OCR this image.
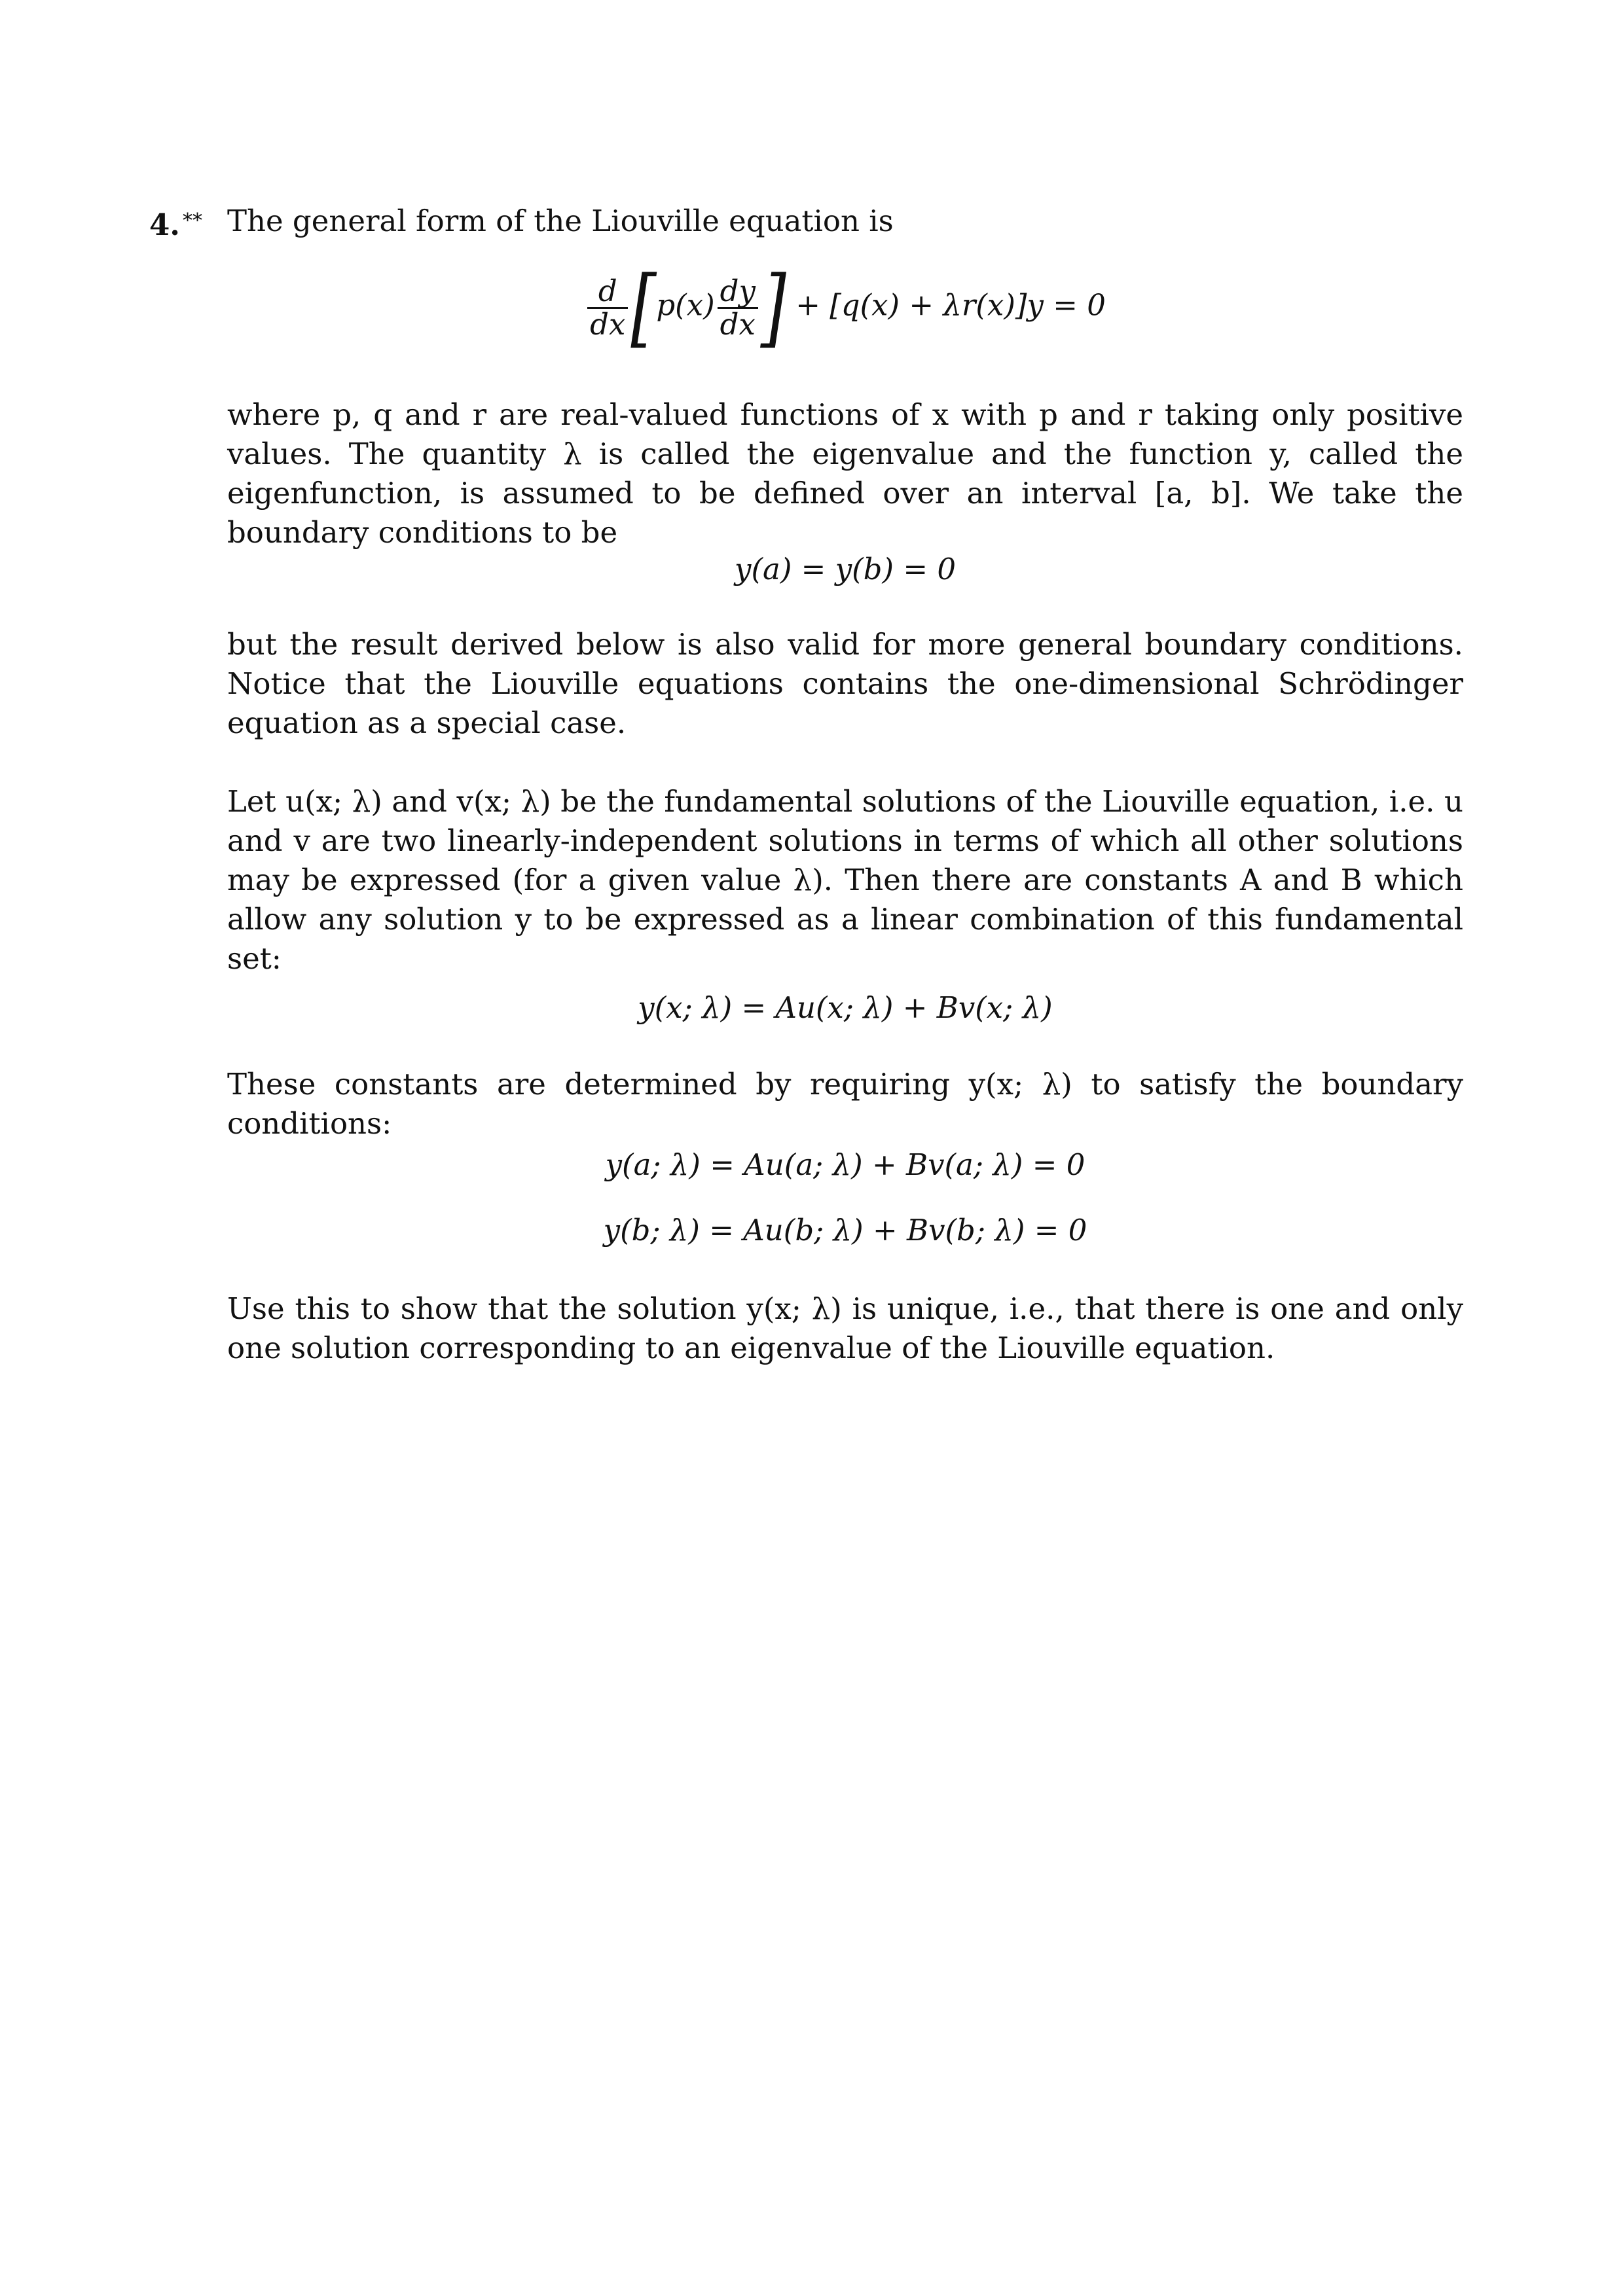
4. ** The general form of the Liouville equation is

$\frac{d}{dx} [p(x) \frac{dy}{dx}$ ] + [q(x) + λr(x)]y = 0

where p, q and r are real-valued functions of x with p and r taking only positive values. The quantity λ is called the eigenvalue and the function y, called the eigenfunction, is assumed to be defined over an interval [a, b]. We take the boundary conditions to be

y(a) = y(b) = 0

but the result derived below is also valid for more general boundary conditions. Notice that the Liouville equations contains the one-dimensional Schrödinger equation as a special case.

Let u(x; λ) and v(x; λ) be the fundamental solutions of the Liouville equation, i.e. u and v are two linearly-independent solutions in terms of which all other solutions may be expressed (for a given value λ). Then there are constants A and B which allow any solution y to be expressed as a linear combination of this fundamental set:

y(x; λ) = Au(x; λ) + Bv(x; λ)

These constants are determined by requiring y(x; λ) to satisfy the boundary conditions:

y(a; λ) = Au(a; λ) + Bv(a; λ) = 0
y(b; λ) = Au(b; λ) + Bv(b; λ) = 0

Use this to show that the solution y(x; λ) is unique, i.e., that there is one and only one solution corresponding to an eigenvalue of the Liouville equation.
